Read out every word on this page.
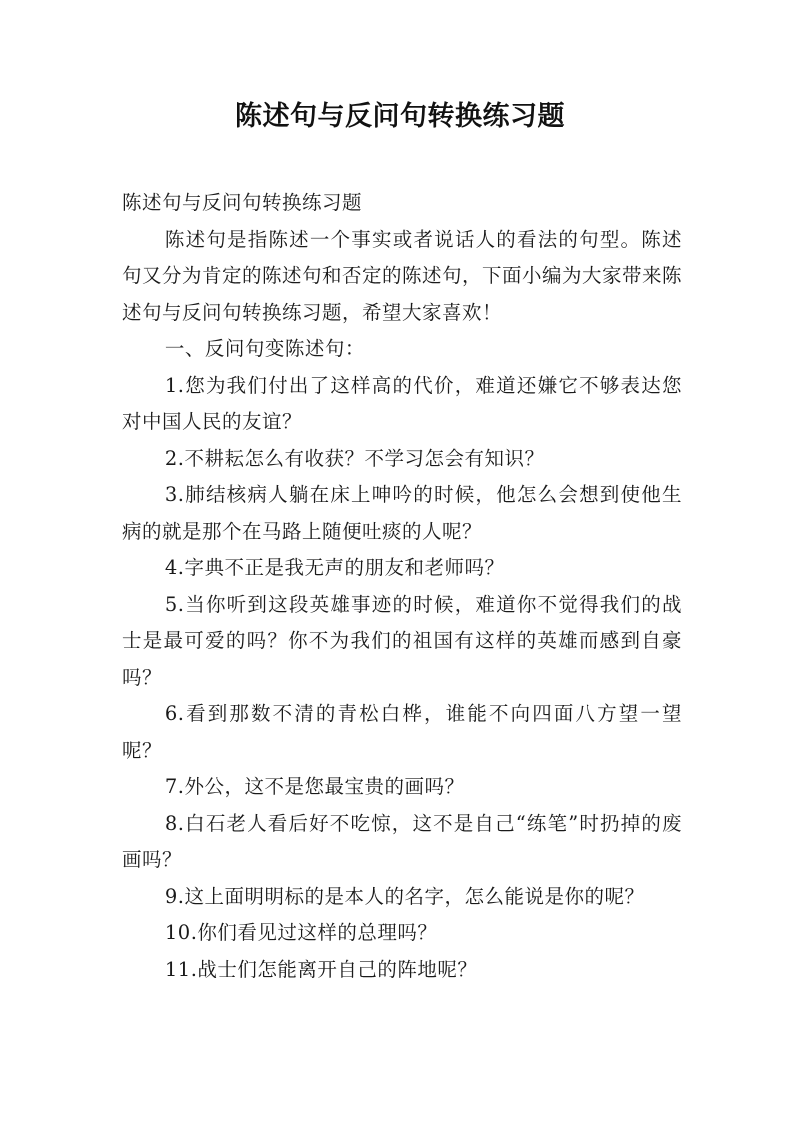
陈述句与反问句转换练习题

陈述句与反问句转换练习题

陈述句是指陈述一个事实或者说话人的看法的句型。陈述句又分为肯定的陈述句和否定的陈述句，下面小编为大家带来陈述句与反问句转换练习题，希望大家喜欢！

一、反问句变陈述句：

1.您为我们付出了这样高的代价，难道还嫌它不够表达您对中国人民的友谊？

2.不耕耘怎么有收获？不学习怎会有知识？

3.肺结核病人躺在床上呻吟的时候，他怎么会想到使他生病的就是那个在马路上随便吐痰的人呢？

4.字典不正是我无声的朋友和老师吗？

5.当你听到这段英雄事迹的时候，难道你不觉得我们的战士是最可爱的吗？你不为我们的祖国有这样的英雄而感到自豪吗？

6.看到那数不清的青松白桦，谁能不向四面八方望一望呢？

7.外公，这不是您最宝贵的画吗？

8.白石老人看后好不吃惊，这不是自己“练笔”时扔掉的废画吗？

9.这上面明明标的是本人的名字，怎么能说是你的呢？

10.你们看见过这样的总理吗？

11.战士们怎能离开自己的阵地呢？
